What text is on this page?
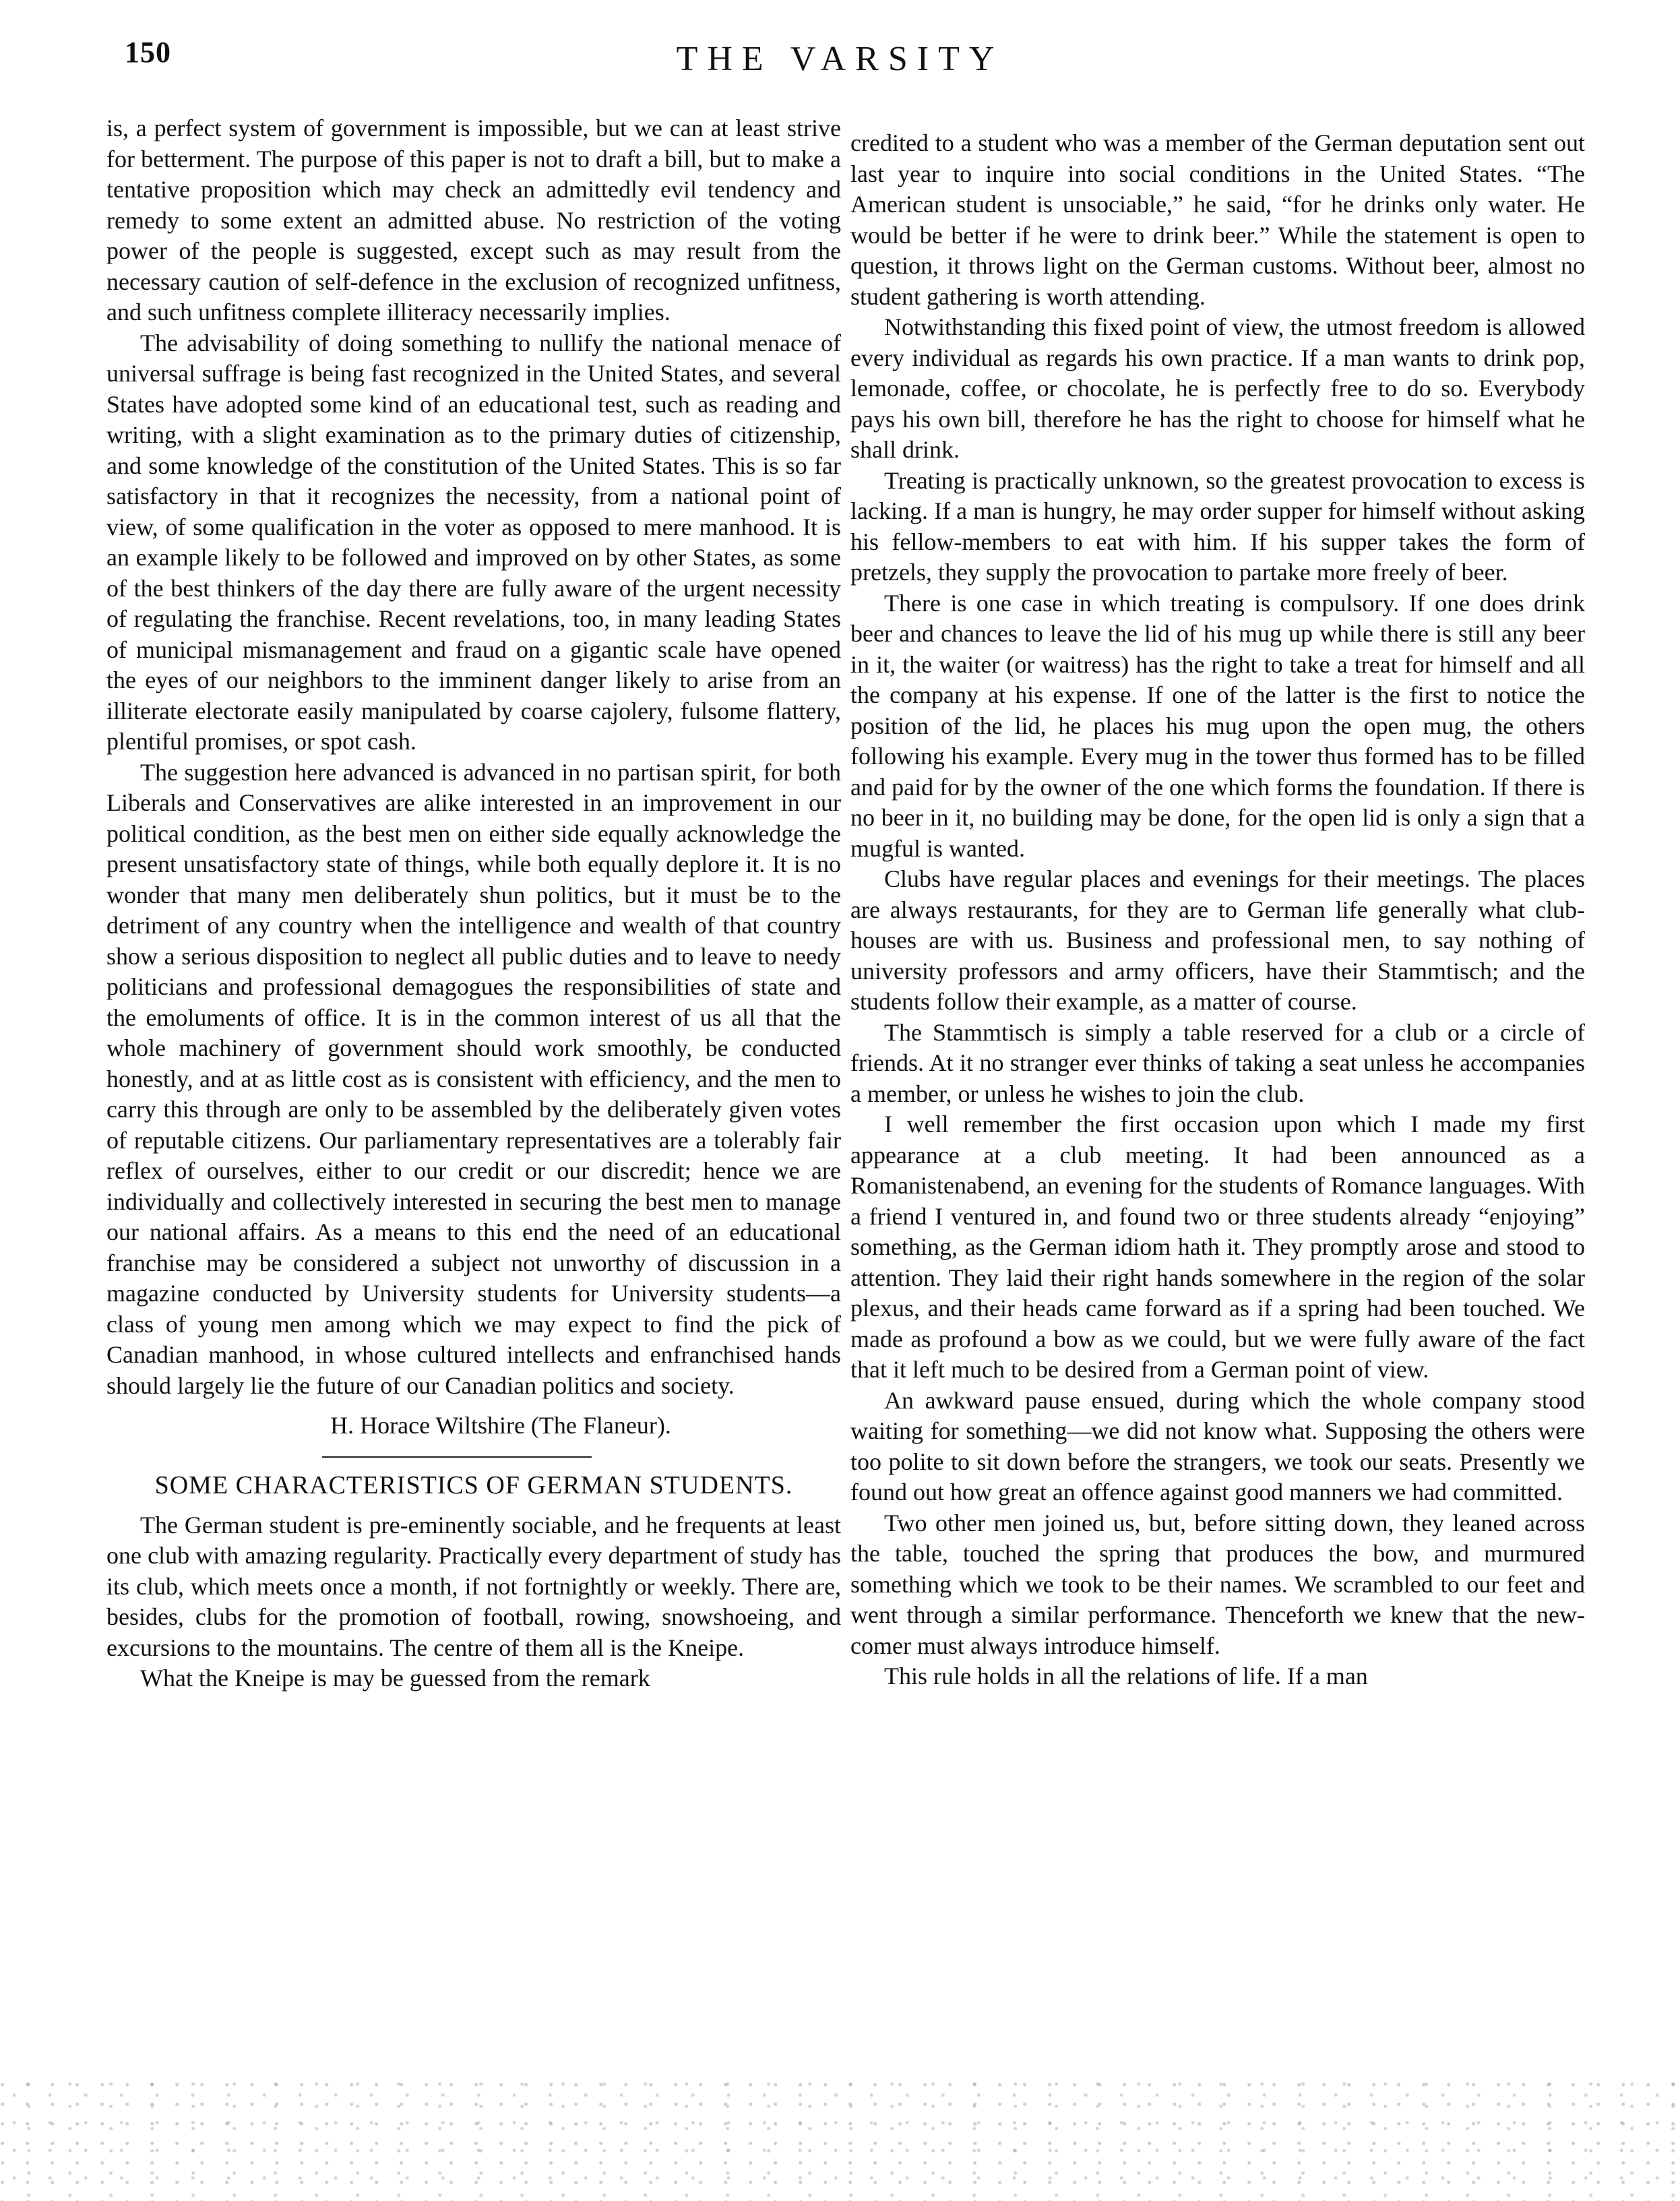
150	THE VARSITY

is, a perfect system of government is impossible, but we can at least strive for betterment. The purpose of this paper is not to draft a bill, but to make a tentative proposition which may check an admittedly evil tendency and remedy to some extent an admitted abuse. No restriction of the voting power of the people is suggested, except such as may result from the necessary caution of self-defence in the exclusion of recognized unfitness, and such unfitness complete illiteracy necessarily implies.

The advisability of doing something to nullify the national menace of universal suffrage is being fast recognized in the United States, and several States have adopted some kind of an educational test, such as reading and writing, with a slight examination as to the primary duties of citizenship, and some knowledge of the constitution of the United States. This is so far satisfactory in that it recognizes the necessity, from a national point of view, of some qualification in the voter as opposed to mere manhood. It is an example likely to be followed and improved on by other States, as some of the best thinkers of the day there are fully aware of the urgent necessity of regulating the franchise. Recent revelations, too, in many leading States of municipal mismanagement and fraud on a gigantic scale have opened the eyes of our neighbors to the imminent danger likely to arise from an illiterate electorate easily manipulated by coarse cajolery, fulsome flattery, plentiful promises, or spot cash.

The suggestion here advanced is advanced in no partisan spirit, for both Liberals and Conservatives are alike interested in an improvement in our political condition, as the best men on either side equally acknowledge the present unsatisfactory state of things, while both equally deplore it. It is no wonder that many men deliberately shun politics, but it must be to the detriment of any country when the intelligence and wealth of that country show a serious disposition to neglect all public duties and to leave to needy politicians and professional demagogues the responsibilities of state and the emoluments of office. It is in the common interest of us all that the whole machinery of government should work smoothly, be conducted honestly, and at as little cost as is consistent with efficiency, and the men to carry this through are only to be assembled by the deliberately given votes of reputable citizens. Our parliamentary representatives are a tolerably fair reflex of ourselves, either to our credit or our discredit; hence we are individually and collectively interested in securing the best men to manage our national affairs. As a means to this end the need of an educational franchise may be considered a subject not unworthy of discussion in a magazine conducted by University students for University students—a class of young men among which we may expect to find the pick of Canadian manhood, in whose cultured intellects and enfranchised hands should largely lie the future of our Canadian politics and society.

H. Horace Wiltshire (The Flaneur).
SOME CHARACTERISTICS OF GERMAN STUDENTS.

The German student is pre-eminently sociable, and he frequents at least one club with amazing regularity. Practically every department of study has its club, which meets once a month, if not fortnightly or weekly. There are, besides, clubs for the promotion of football, rowing, snowshoeing, and excursions to the mountains. The centre of them all is the Kneipe.

What the Kneipe is may be guessed from the remark

credited to a student who was a member of the German deputation sent out last year to inquire into social conditions in the United States. “The American student is unsociable,” he said, “for he drinks only water. He would be better if he were to drink beer.” While the statement is open to question, it throws light on the German customs. Without beer, almost no student gathering is worth attending.

Notwithstanding this fixed point of view, the utmost freedom is allowed every individual as regards his own practice. If a man wants to drink pop, lemonade, coffee, or chocolate, he is perfectly free to do so. Everybody pays his own bill, therefore he has the right to choose for himself what he shall drink.

Treating is practically unknown, so the greatest provocation to excess is lacking. If a man is hungry, he may order supper for himself without asking his fellow-members to eat with him. If his supper takes the form of pretzels, they supply the provocation to partake more freely of beer.

There is one case in which treating is compulsory. If one does drink beer and chances to leave the lid of his mug up while there is still any beer in it, the waiter (or waitress) has the right to take a treat for himself and all the company at his expense. If one of the latter is the first to notice the position of the lid, he places his mug upon the open mug, the others following his example. Every mug in the tower thus formed has to be filled and paid for by the owner of the one which forms the foundation. If there is no beer in it, no building may be done, for the open lid is only a sign that a mugful is wanted.

Clubs have regular places and evenings for their meetings. The places are always restaurants, for they are to German life generally what club-houses are with us. Business and professional men, to say nothing of university professors and army officers, have their Stammtisch; and the students follow their example, as a matter of course.

The Stammtisch is simply a table reserved for a club or a circle of friends. At it no stranger ever thinks of taking a seat unless he accompanies a member, or unless he wishes to join the club.

I well remember the first occasion upon which I made my first appearance at a club meeting. It had been announced as a Romanistenabend, an evening for the students of Romance languages. With a friend I ventured in, and found two or three students already “enjoying” something, as the German idiom hath it. They promptly arose and stood to attention. They laid their right hands somewhere in the region of the solar plexus, and their heads came forward as if a spring had been touched. We made as profound a bow as we could, but we were fully aware of the fact that it left much to be desired from a German point of view.

An awkward pause ensued, during which the whole company stood waiting for something—we did not know what. Supposing the others were too polite to sit down before the strangers, we took our seats. Presently we found out how great an offence against good manners we had committed.

Two other men joined us, but, before sitting down, they leaned across the table, touched the spring that produces the bow, and murmured something which we took to be their names. We scrambled to our feet and went through a similar performance. Thenceforth we knew that the new-comer must always introduce himself.

This rule holds in all the relations of life. If a man
